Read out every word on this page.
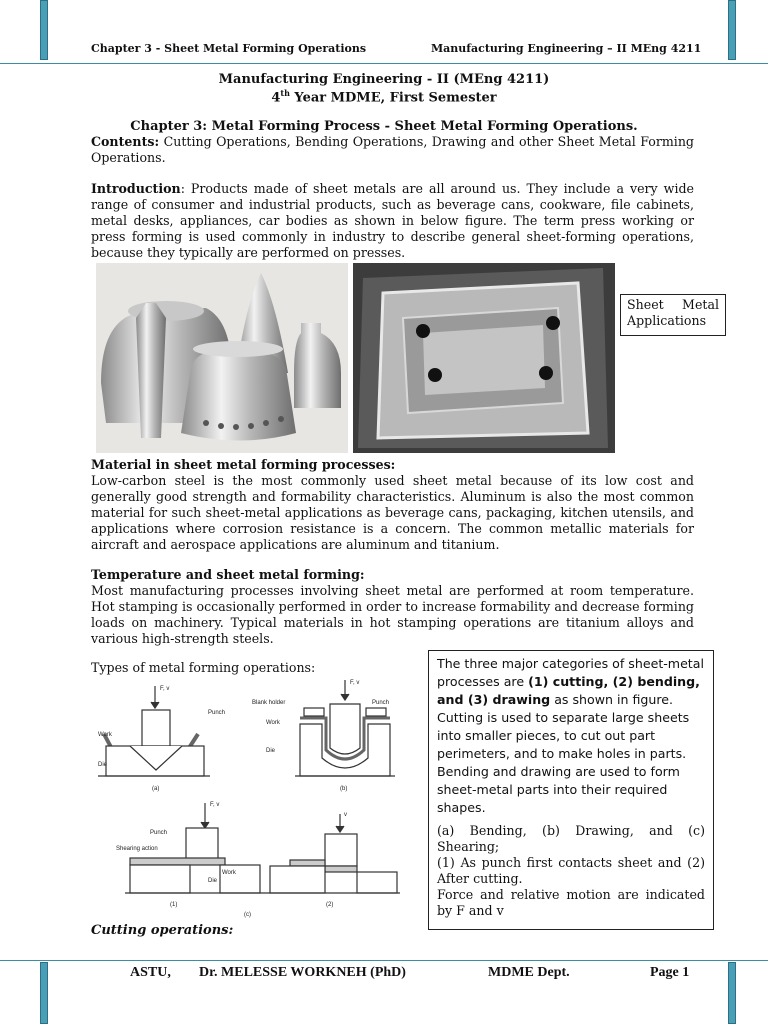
Chapter 3 - Sheet Metal Forming Operations	Manufacturing Engineering – II MEng 4211
Manufacturing Engineering - II (MEng 4211)
4th Year MDME, First Semester
Chapter 3: Metal Forming Process - Sheet Metal Forming Operations.
Contents: Cutting Operations, Bending Operations, Drawing and other Sheet Metal Forming Operations.
Introduction: Products made of sheet metals are all around us. They include a very wide range of consumer and industrial products, such as beverage cans, cookware, file cabinets, metal desks, appliances, car bodies as shown in below figure. The term press working or press forming is used commonly in industry to describe general sheet-forming operations, because they typically are performed on presses.
Sheet Metal Applications
Material in sheet metal forming processes:
Low-carbon steel is the most commonly used sheet metal because of its low cost and generally good strength and formability characteristics. Aluminum is also the most common material for such sheet-metal applications as beverage cans, packaging, kitchen utensils, and applications where corrosion resistance is a concern. The common metallic materials for aircraft and aerospace applications are aluminum and titanium.
Temperature and sheet metal forming:
Most manufacturing processes involving sheet metal are performed at room temperature. Hot stamping is occasionally performed in order to increase formability and decrease forming loads on machinery. Typical materials in hot stamping operations are titanium alloys and various high-strength steels.
Types of metal forming operations:
F, v
Punch
Work
Die
(a)
F, v
Blank holder	Punch
Work
Die
(b)
F, v
Punch
Shearing action
Work
Die
(1)
(c)
v
(2)
The three major categories of sheet-metal processes are (1) cutting, (2) bending, and (3) drawing as shown in figure. Cutting is used to separate large sheets into smaller pieces, to cut out part perimeters, and to make holes in parts. Bending and drawing are used to form sheet-metal parts into their required shapes.
(a) Bending, (b) Drawing, and (c) Shearing;
(1) As punch first contacts sheet and (2) After cutting.
Force and relative motion are indicated by F and v
Cutting operations:
ASTU, Dr. MELESSE WORKNEH (PhD)	MDME Dept.	Page 1
